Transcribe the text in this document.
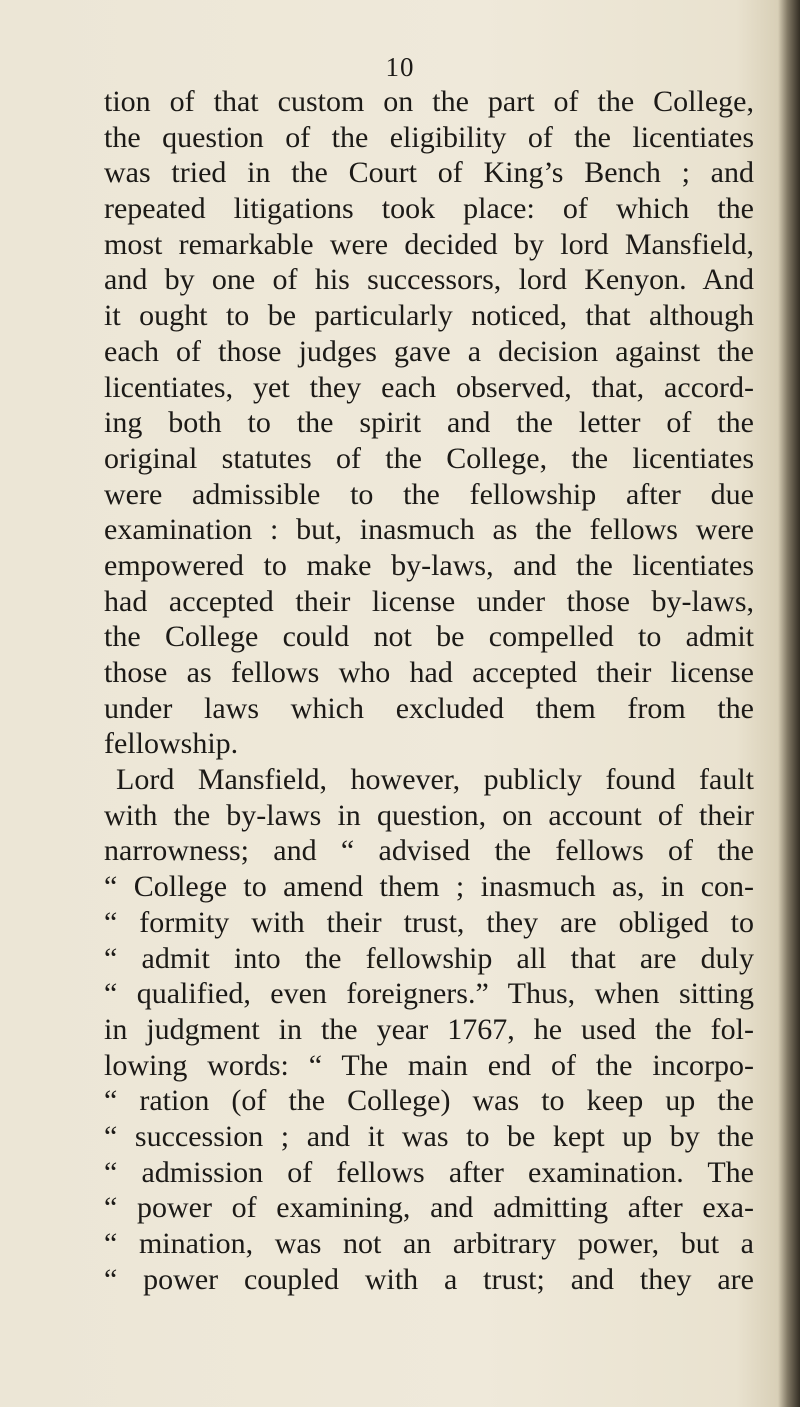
10
tion of that custom on the part of the College,
the question of the eligibility of the licentiates
was tried in the Court of King’s Bench ; and
repeated litigations took place: of which the
most remarkable were decided by lord Mansfield,
and by one of his successors, lord Kenyon. And
it ought to be particularly noticed, that although
each of those judges gave a decision against the
licentiates, yet they each observed, that, accord-
ing both to the spirit and the letter of the
original statutes of the College, the licentiates
were admissible to the fellowship after due
examination : but, inasmuch as the fellows were
empowered to make by-laws, and the licentiates
had accepted their license under those by-laws,
the College could not be compelled to admit
those as fellows who had accepted their license
under laws which excluded them from the
fellowship.
Lord Mansfield, however, publicly found fault
with the by-laws in question, on account of their
narrowness; and “ advised the fellows of the
“ College to amend them ; inasmuch as, in con-
“ formity with their trust, they are obliged to
“ admit into the fellowship all that are duly
“ qualified, even foreigners.” Thus, when sitting
in judgment in the year 1767, he used the fol-
lowing words: “ The main end of the incorpo-
“ ration (of the College) was to keep up the
“ succession ; and it was to be kept up by the
“ admission of fellows after examination. The
“ power of examining, and admitting after exa-
“ mination, was not an arbitrary power, but a
“ power coupled with a trust; and they are
